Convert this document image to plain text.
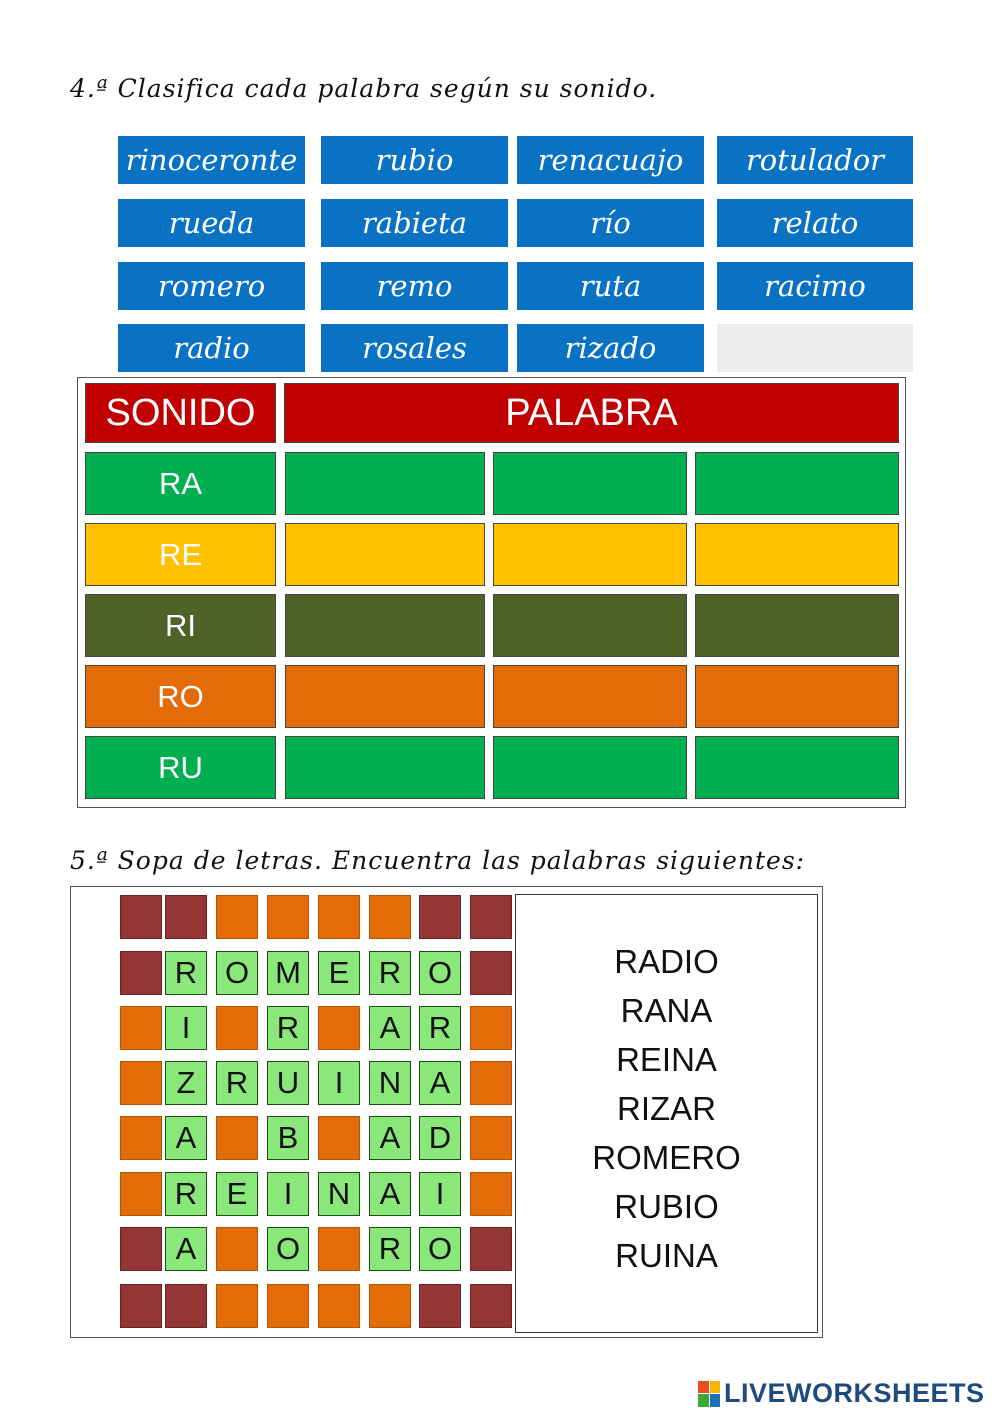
4.ª Clasifica cada palabra según su sonido.
rinoceronte	rubio	renacuajo	rotulador
rueda	rabieta	río	relato
romero	remo	ruta	racimo
radio	rosales	rizado
SONIDO	PALABRA
RA
RE
RI
RO
RU
5.ª Sopa de letras. Encuentra las palabras siguientes:
R O M E R O
I	R	A R
Z R U	I	N A
A	B	A D
R E	I	N A	I
A	O	R O
RADIO
RANA
REINA
RIZAR
ROMERO
RUBIO
RUINA
LIVEWORKSHEETS
